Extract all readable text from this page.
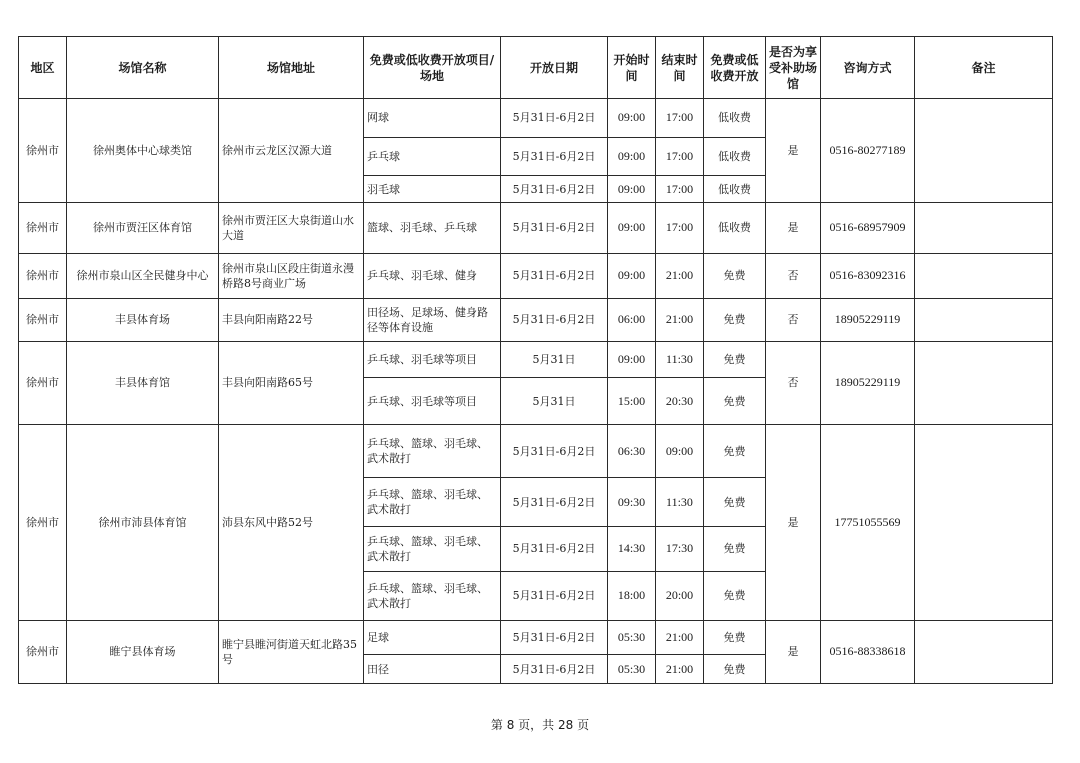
地区	场馆名称	场馆地址	免费或低收费开放项目/场地	开放日期	开始时间	结束时间	免费或低收费开放	是否为享受补助场馆	咨询方式	备注
徐州市	徐州奥体中心球类馆	徐州市云龙区汉源大道	网球	5月31日-6月2日	09:00	17:00	低收费	是	0516-80277189	
			乒乓球	5月31日-6月2日	09:00	17:00	低收费			
			羽毛球	5月31日-6月2日	09:00	17:00	低收费			
徐州市	徐州市贾汪区体育馆	徐州市贾汪区大泉街道山水大道	篮球、羽毛球、乒乓球	5月31日-6月2日	09:00	17:00	低收费	是	0516-68957909	
徐州市	徐州市泉山区全民健身中心	徐州市泉山区段庄街道永漫桥路8号商业广场	乒乓球、羽毛球、健身	5月31日-6月2日	09:00	21:00	免费	否	0516-83092316	
徐州市	丰县体育场	丰县向阳南路22号	田径场、足球场、健身路径等体育设施	5月31日-6月2日	06:00	21:00	免费	否	18905229119	
徐州市	丰县体育馆	丰县向阳南路65号	乒乓球、羽毛球等项目	5月31日	09:00	11:30	免费	否	18905229119	
			乒乓球、羽毛球等项目	5月31日	15:00	20:30	免费			
徐州市	徐州市沛县体育馆	沛县东风中路52号	乒乓球、篮球、羽毛球、武术散打	5月31日-6月2日	06:30	09:00	免费	是	17751055569	
			乒乓球、篮球、羽毛球、武术散打	5月31日-6月2日	09:30	11:30	免费			
			乒乓球、篮球、羽毛球、武术散打	5月31日-6月2日	14:30	17:30	免费			
			乒乓球、篮球、羽毛球、武术散打	5月31日-6月2日	18:00	20:00	免费			
徐州市	睢宁县体育场	睢宁县睢河街道天虹北路35号	足球	5月31日-6月2日	05:30	21:00	免费	是	0516-88338618	
			田径	5月31日-6月2日	05:30	21:00	免费			
第 8 页，共 28 页
